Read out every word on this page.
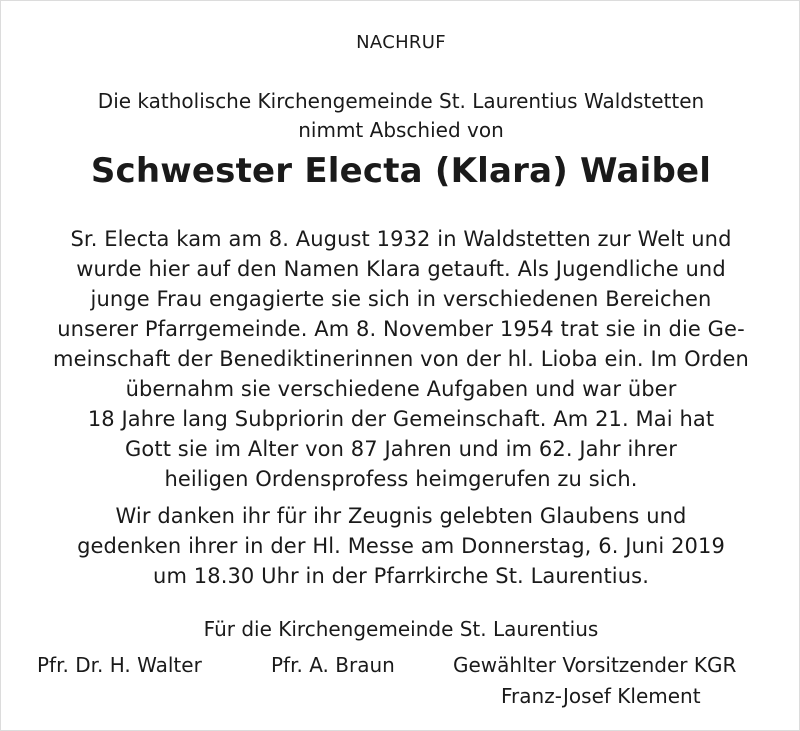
NACHRUF
Die katholische Kirchengemeinde St. Laurentius Waldstetten
nimmt Abschied von
Schwester Electa (Klara) Waibel
Sr. Electa kam am 8. August 1932 in Waldstetten zur Welt und
wurde hier auf den Namen Klara getauft. Als Jugendliche und
junge Frau engagierte sie sich in verschiedenen Bereichen
unserer Pfarrgemeinde. Am 8. November 1954 trat sie in die Ge-
meinschaft der Benediktinerinnen von der hl. Lioba ein. Im Orden
übernahm sie verschiedene Aufgaben und war über
18 Jahre lang Subpriorin der Gemeinschaft. Am 21. Mai hat
Gott sie im Alter von 87 Jahren und im 62. Jahr ihrer
heiligen Ordensprofess heimgerufen zu sich.
Wir danken ihr für ihr Zeugnis gelebten Glaubens und
gedenken ihrer in der Hl. Messe am Donnerstag, 6. Juni 2019
um 18.30 Uhr in der Pfarrkirche St. Laurentius.
Für die Kirchengemeinde St. Laurentius
Pfr. Dr. H. Walter	Pfr. A. Braun	Gewählter Vorsitzender KGR
Franz-Josef Klement
